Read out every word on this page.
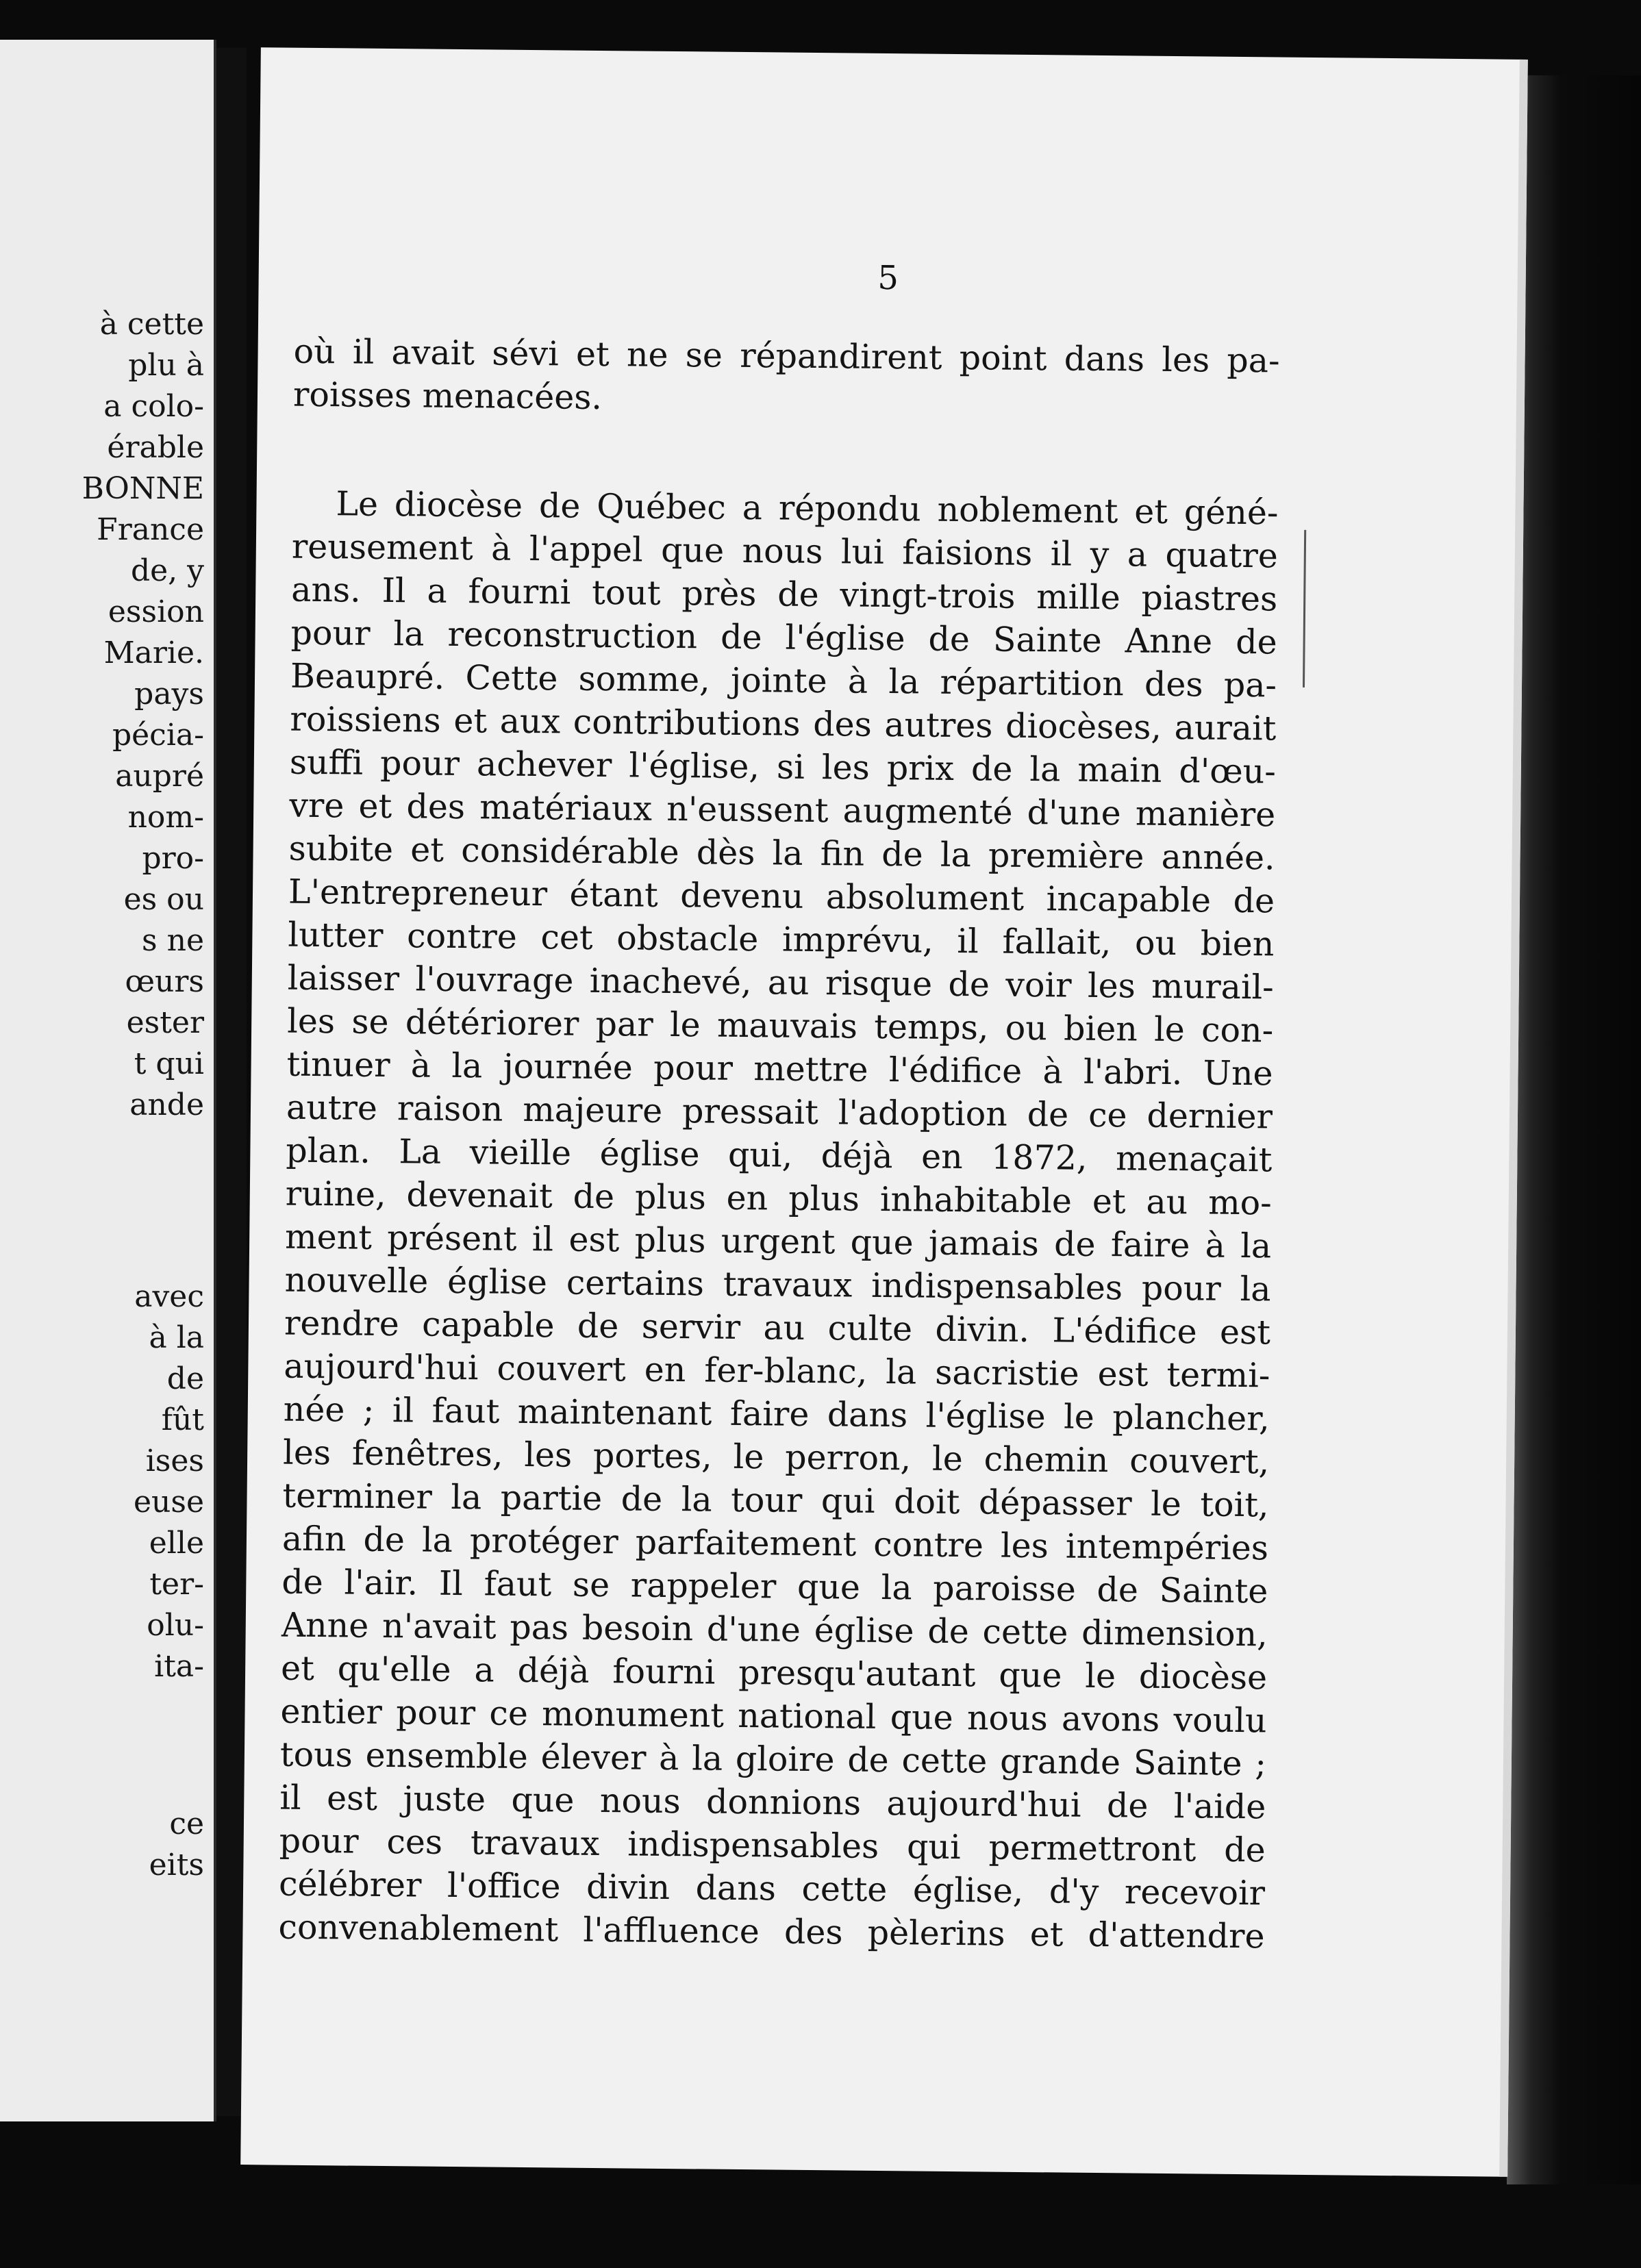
à cette
plu à
a colo-
érable
BONNE
France
de, y
ession
Marie.
pays
pécia-
aupré
nom-
pro-
es ou
s ne
œurs
ester
t qui
ande
avec
à la
de
fût
ises
euse
elle
ter-
olu-
ita-
ce
eits
5
où il avait sévi et ne se répandirent point dans les pa-
roisses menacées.
Le diocèse de Québec a répondu noblement et géné-
reusement à l'appel que nous lui faisions il y a quatre
ans. Il a fourni tout près de vingt-trois mille piastres
pour la reconstruction de l'église de Sainte Anne de
Beaupré. Cette somme, jointe à la répartition des pa-
roissiens et aux contributions des autres diocèses, aurait
suffi pour achever l'église, si les prix de la main d'œu-
vre et des matériaux n'eussent augmenté d'une manière
subite et considérable dès la fin de la première année.
L'entrepreneur étant devenu absolument incapable de
lutter contre cet obstacle imprévu, il fallait, ou bien
laisser l'ouvrage inachevé, au risque de voir les murail-
les se détériorer par le mauvais temps, ou bien le con-
tinuer à la journée pour mettre l'édifice à l'abri. Une
autre raison majeure pressait l'adoption de ce dernier
plan. La vieille église qui, déjà en 1872, menaçait
ruine, devenait de plus en plus inhabitable et au mo-
ment présent il est plus urgent que jamais de faire à la
nouvelle église certains travaux indispensables pour la
rendre capable de servir au culte divin. L'édifice est
aujourd'hui couvert en fer-blanc, la sacristie est termi-
née ; il faut maintenant faire dans l'église le plancher,
les fenêtres, les portes, le perron, le chemin couvert,
terminer la partie de la tour qui doit dépasser le toit,
afin de la protéger parfaitement contre les intempéries
de l'air. Il faut se rappeler que la paroisse de Sainte
Anne n'avait pas besoin d'une église de cette dimension,
et qu'elle a déjà fourni presqu'autant que le diocèse
entier pour ce monument national que nous avons voulu
tous ensemble élever à la gloire de cette grande Sainte ;
il est juste que nous donnions aujourd'hui de l'aide
pour ces travaux indispensables qui permettront de
célébrer l'office divin dans cette église, d'y recevoir
convenablement l'affluence des pèlerins et d'attendre
